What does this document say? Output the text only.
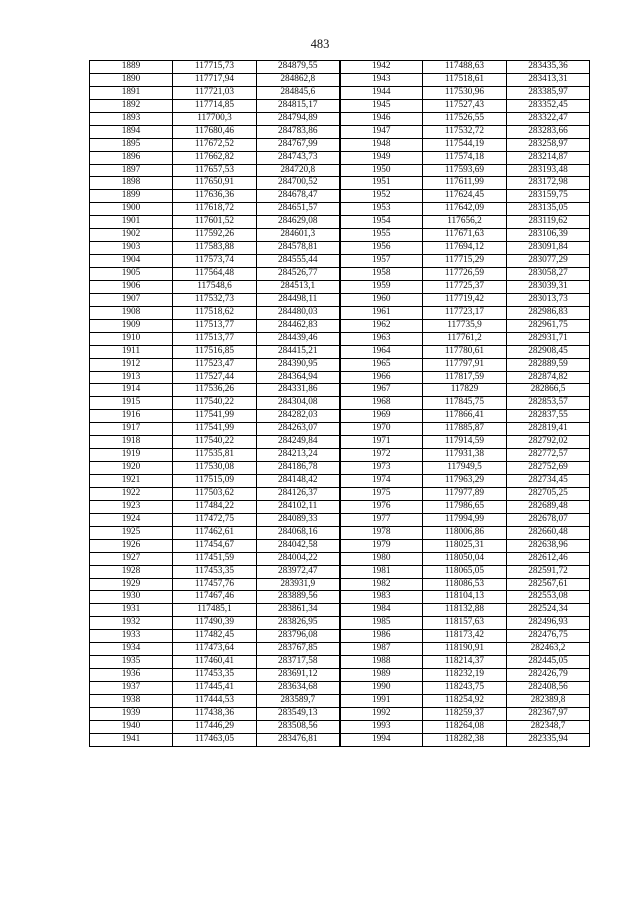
483
1889	117715,73	284879,55	1942	117488,63	283435,36
1890	117717,94	284862,8	1943	117518,61	283413,31
1891	117721,03	284845,6	1944	117530,96	283385,97
1892	117714,85	284815,17	1945	117527,43	283352,45
1893	117700,3	284794,89	1946	117526,55	283322,47
1894	117680,46	284783,86	1947	117532,72	283283,66
1895	117672,52	284767,99	1948	117544,19	283258,97
1896	117662,82	284743,73	1949	117574,18	283214,87
1897	117657,53	284720,8	1950	117593,69	283193,48
1898	117650,91	284700,52	1951	117611,99	283172,98
1899	117636,36	284678,47	1952	117624,45	283159,75
1900	117618,72	284651,57	1953	117642,09	283135,05
1901	117601,52	284629,08	1954	117656,2	283119,62
1902	117592,26	284601,3	1955	117671,63	283106,39
1903	117583,88	284578,81	1956	117694,12	283091,84
1904	117573,74	284555,44	1957	117715,29	283077,29
1905	117564,48	284526,77	1958	117726,59	283058,27
1906	117548,6	284513,1	1959	117725,37	283039,31
1907	117532,73	284498,11	1960	117719,42	283013,73
1908	117518,62	284480,03	1961	117723,17	282986,83
1909	117513,77	284462,83	1962	117735,9	282961,75
1910	117513,77	284439,46	1963	117761,2	282931,71
1911	117516,85	284415,21	1964	117780,61	282908,45
1912	117523,47	284390,95	1965	117797,91	282889,59
1913	117527,44	284364,94	1966	117817,59	282874,82
1914	117536,26	284331,86	1967	117829	282866,5
1915	117540,22	284304,08	1968	117845,75	282853,57
1916	117541,99	284282,03	1969	117866,41	282837,55
1917	117541,99	284263,07	1970	117885,87	282819,41
1918	117540,22	284249,84	1971	117914,59	282792,02
1919	117535,81	284213,24	1972	117931,38	282772,57
1920	117530,08	284186,78	1973	117949,5	282752,69
1921	117515,09	284148,42	1974	117963,29	282734,45
1922	117503,62	284126,37	1975	117977,89	282705,25
1923	117484,22	284102,11	1976	117986,65	282689,48
1924	117472,75	284089,33	1977	117994,99	282678,07
1925	117462,61	284068,16	1978	118006,86	282660,48
1926	117454,67	284042,58	1979	118025,31	282638,96
1927	117451,59	284004,22	1980	118050,04	282612,46
1928	117453,35	283972,47	1981	118065,05	282591,72
1929	117457,76	283931,9	1982	118086,53	282567,61
1930	117467,46	283889,56	1983	118104,13	282553,08
1931	117485,1	283861,34	1984	118132,88	282524,34
1932	117490,39	283826,95	1985	118157,63	282496,93
1933	117482,45	283796,08	1986	118173,42	282476,75
1934	117473,64	283767,85	1987	118190,91	282463,2
1935	117460,41	283717,58	1988	118214,37	282445,05
1936	117453,35	283691,12	1989	118232,19	282426,79
1937	117445,41	283634,68	1990	118243,75	282408,56
1938	117444,53	283589,7	1991	118254,92	282389,8
1939	117438,36	283549,13	1992	118259,37	282367,97
1940	117446,29	283508,56	1993	118264,08	282348,7
1941	117463,05	283476,81	1994	118282,38	282335,94
